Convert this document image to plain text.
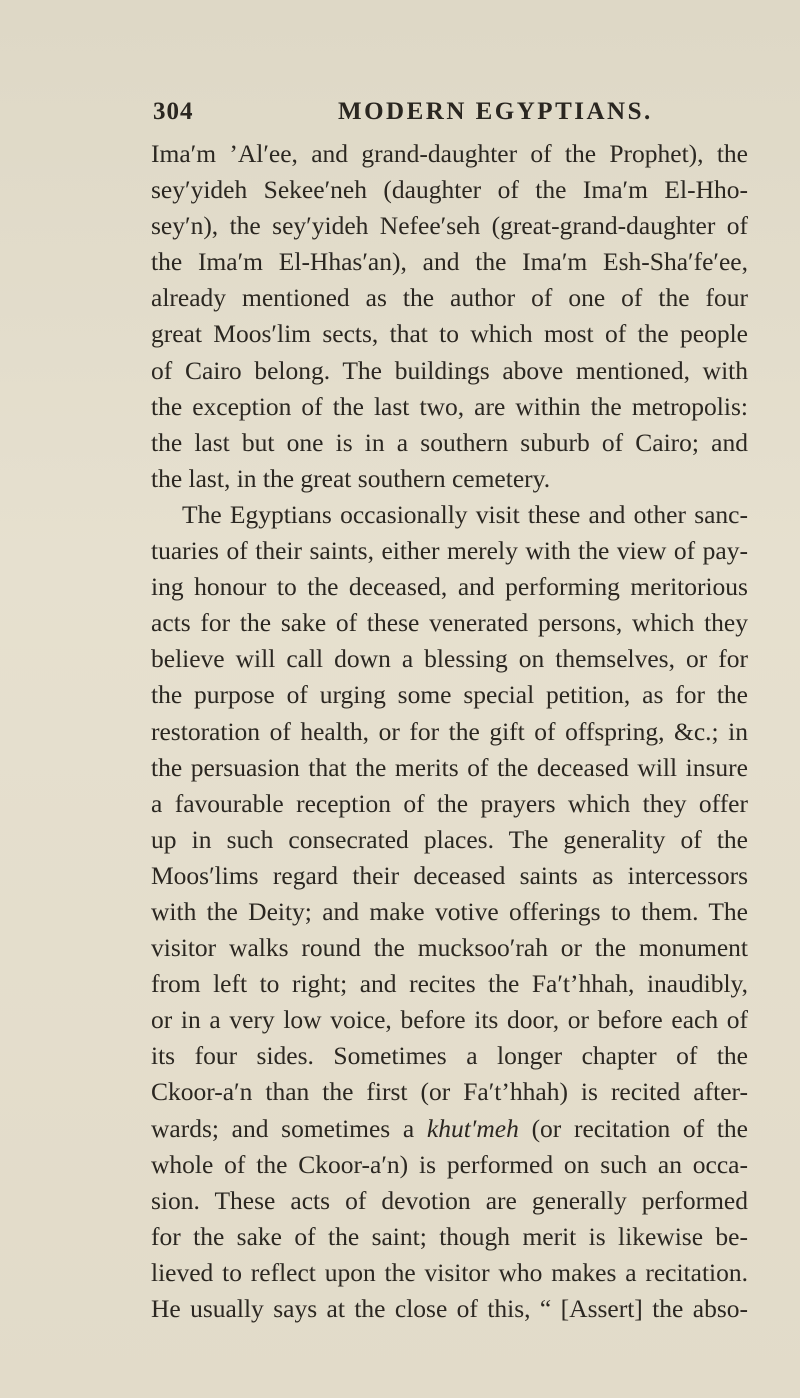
304	MODERN EGYPTIANS.
Ima′m ’Al′ee, and grand-daughter of the Prophet), the
sey′yideh Sekee′neh (daughter of the Ima′m El-Hho-
sey′n), the sey′yideh Nefee′seh (great-grand-daughter of
the Ima′m El-Hhas′an), and the Ima′m Esh-Sha′fe′ee,
already mentioned as the author of one of the four
great Moos′lim sects, that to which most of the people
of Cairo belong. The buildings above mentioned, with
the exception of the last two, are within the metropolis:
the last but one is in a southern suburb of Cairo; and
the last, in the great southern cemetery.
The Egyptians occasionally visit these and other sanc-
tuaries of their saints, either merely with the view of pay-
ing honour to the deceased, and performing meritorious
acts for the sake of these venerated persons, which they
believe will call down a blessing on themselves, or for
the purpose of urging some special petition, as for the
restoration of health, or for the gift of offspring, &c.; in
the persuasion that the merits of the deceased will insure
a favourable reception of the prayers which they offer
up in such consecrated places. The generality of the
Moos′lims regard their deceased saints as intercessors
with the Deity; and make votive offerings to them. The
visitor walks round the mucksoo′rah or the monument
from left to right; and recites the Fa′t’hhah, inaudibly,
or in a very low voice, before its door, or before each of
its four sides. Sometimes a longer chapter of the
Ckoor-a′n than the first (or Fa′t’hhah) is recited after-
wards; and sometimes a khut′meh (or recitation of the
whole of the Ckoor-a′n) is performed on such an occa-
sion. These acts of devotion are generally performed
for the sake of the saint; though merit is likewise be-
lieved to reflect upon the visitor who makes a recitation.
He usually says at the close of this, “ [Assert] the abso-
